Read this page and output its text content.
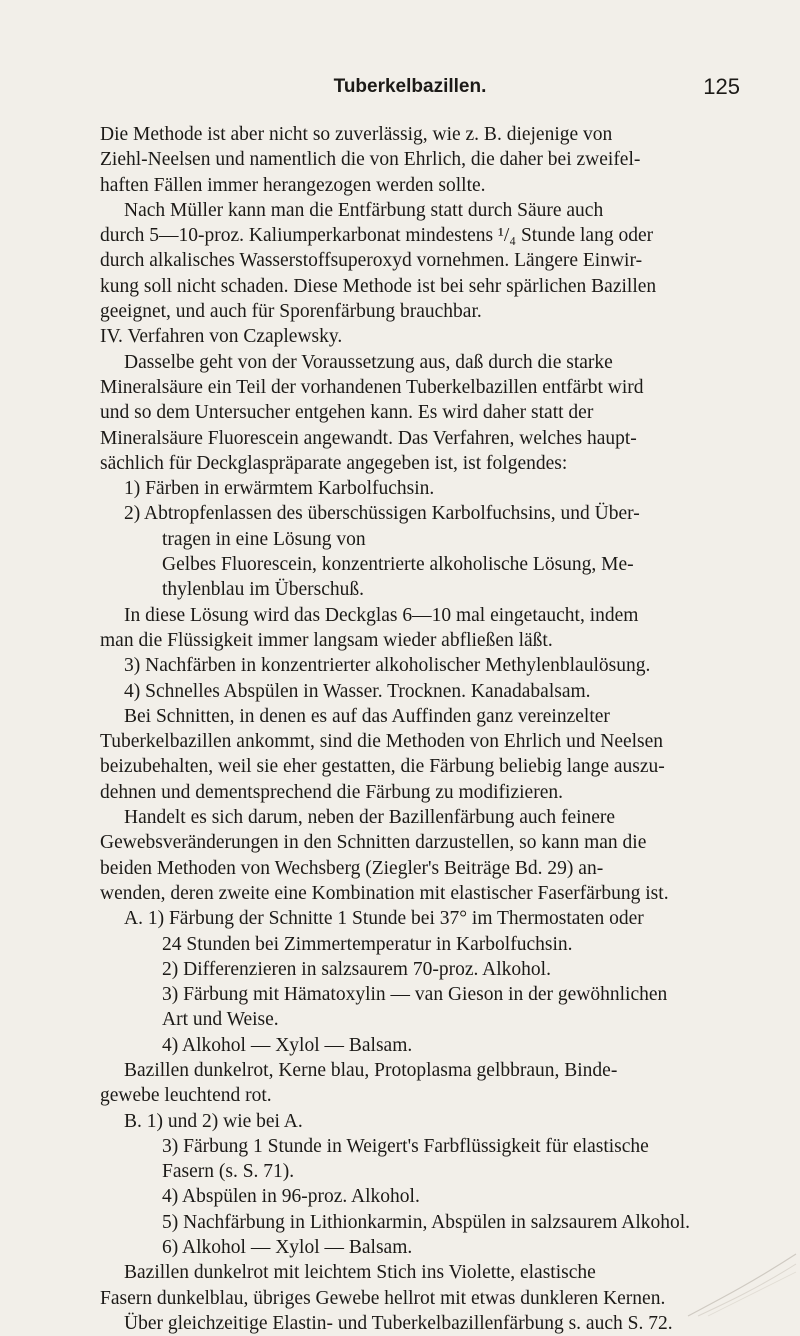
Tuberkelbazillen.	125
Die Methode ist aber nicht so zuverlässig, wie z. B. diejenige von
Ziehl-Neelsen und namentlich die von Ehrlich, die daher bei zweifel-
haften Fällen immer herangezogen werden sollte.
Nach Müller kann man die Entfärbung statt durch Säure auch
durch 5—10-proz. Kaliumperkarbonat mindestens ¹/₄ Stunde lang oder
durch alkalisches Wasserstoffsuperoxyd vornehmen. Längere Einwir-
kung soll nicht schaden. Diese Methode ist bei sehr spärlichen Bazillen
geeignet, und auch für Sporenfärbung brauchbar.
IV. Verfahren von Czaplewsky.
Dasselbe geht von der Voraussetzung aus, daß durch die starke
Mineralsäure ein Teil der vorhandenen Tuberkelbazillen entfärbt wird
und so dem Untersucher entgehen kann. Es wird daher statt der
Mineralsäure Fluorescein angewandt. Das Verfahren, welches haupt-
sächlich für Deckglaspräparate angegeben ist, ist folgendes:
1) Färben in erwärmtem Karbolfuchsin.
2) Abtropfenlassen des überschüssigen Karbolfuchsins, und Über-
tragen in eine Lösung von
Gelbes Fluorescein, konzentrierte alkoholische Lösung, Me-
thylenblau im Überschuß.
In diese Lösung wird das Deckglas 6—10 mal eingetaucht, indem
man die Flüssigkeit immer langsam wieder abfließen läßt.
3) Nachfärben in konzentrierter alkoholischer Methylenblaulösung.
4) Schnelles Abspülen in Wasser. Trocknen. Kanadabalsam.
Bei Schnitten, in denen es auf das Auffinden ganz vereinzelter
Tuberkelbazillen ankommt, sind die Methoden von Ehrlich und Neelsen
beizubehalten, weil sie eher gestatten, die Färbung beliebig lange auszu-
dehnen und dementsprechend die Färbung zu modifizieren.
Handelt es sich darum, neben der Bazillenfärbung auch feinere
Gewebsveränderungen in den Schnitten darzustellen, so kann man die
beiden Methoden von Wechsberg (Ziegler's Beiträge Bd. 29) an-
wenden, deren zweite eine Kombination mit elastischer Faserfärbung ist.
A. 1) Färbung der Schnitte 1 Stunde bei 37° im Thermostaten oder
24 Stunden bei Zimmertemperatur in Karbolfuchsin.
2) Differenzieren in salzsaurem 70-proz. Alkohol.
3) Färbung mit Hämatoxylin — van Gieson in der gewöhnlichen
Art und Weise.
4) Alkohol — Xylol — Balsam.
Bazillen dunkelrot, Kerne blau, Protoplasma gelbbraun, Binde-
gewebe leuchtend rot.
B. 1) und 2) wie bei A.
3) Färbung 1 Stunde in Weigert's Farbflüssigkeit für elastische
Fasern (s. S. 71).
4) Abspülen in 96-proz. Alkohol.
5) Nachfärbung in Lithionkarmin, Abspülen in salzsaurem Alkohol.
6) Alkohol — Xylol — Balsam.
Bazillen dunkelrot mit leichtem Stich ins Violette, elastische
Fasern dunkelblau, übriges Gewebe hellrot mit etwas dunkleren Kernen.
Über gleichzeitige Elastin- und Tuberkelbazillenfärbung s. auch S. 72.
